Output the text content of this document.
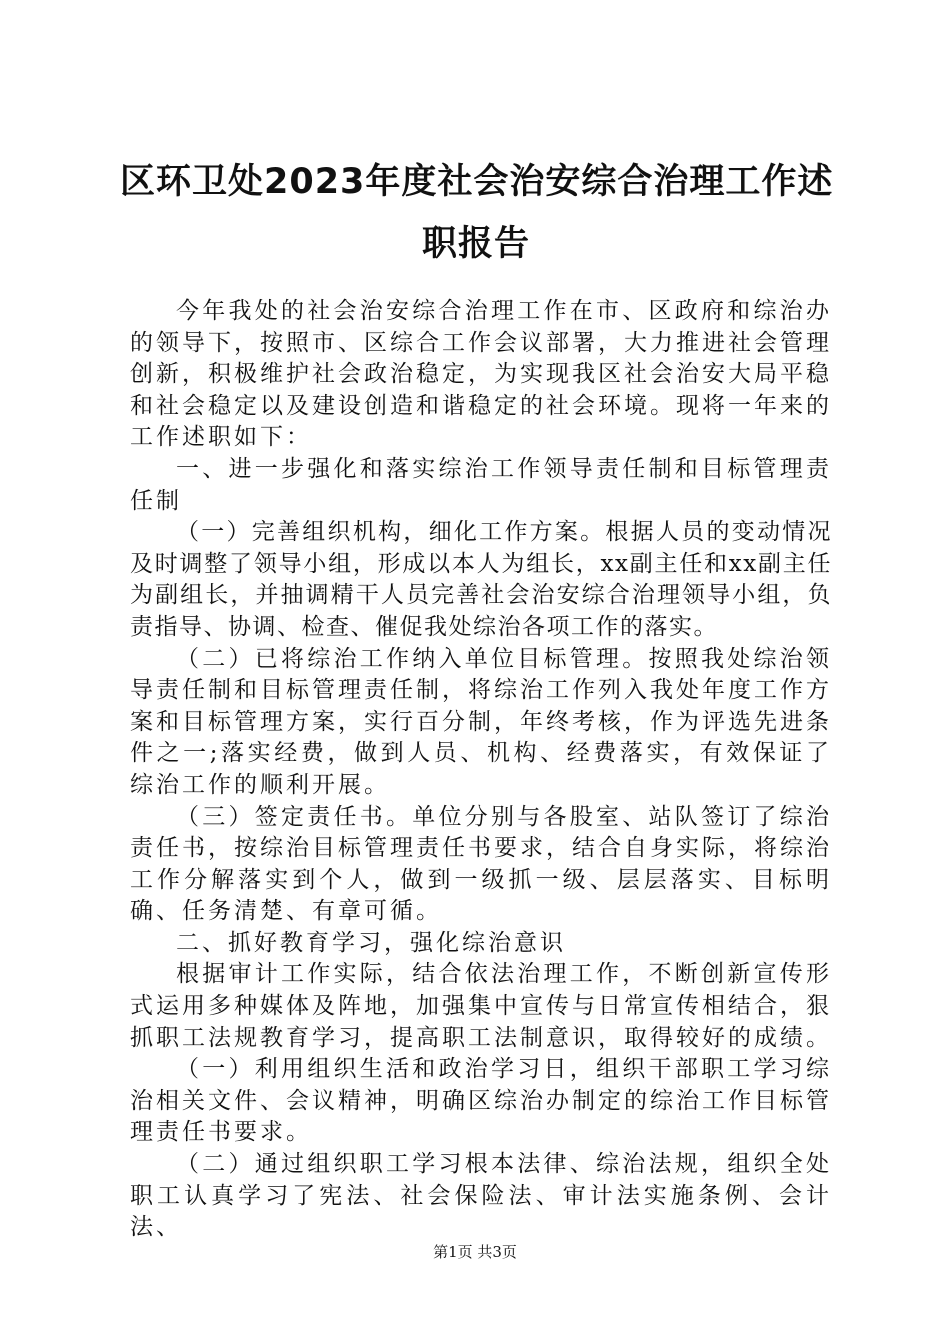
区环卫处2023年度社会治安综合治理工作述
职报告

今年我处的社会治安综合治理工作在市、区政府和综治办的领导下，按照市、区综合工作会议部署，大力推进社会管理创新，积极维护社会政治稳定，为实现我区社会治安大局平稳和社会稳定以及建设创造和谐稳定的社会环境。现将一年来的工作述职如下：

一、进一步强化和落实综治工作领导责任制和目标管理责任制

（一）完善组织机构，细化工作方案。根据人员的变动情况及时调整了领导小组，形成以本人为组长，xx副主任和xx副主任为副组长，并抽调精干人员完善社会治安综合治理领导小组，负责指导、协调、检查、催促我处综治各项工作的落实。

（二）已将综治工作纳入单位目标管理。按照我处综治领导责任制和目标管理责任制，将综治工作列入我处年度工作方案和目标管理方案，实行百分制，年终考核，作为评选先进条件之一;落实经费，做到人员、机构、经费落实，有效保证了综治工作的顺利开展。

（三）签定责任书。单位分别与各股室、站队签订了综治责任书，按综治目标管理责任书要求，结合自身实际，将综治工作分解落实到个人，做到一级抓一级、层层落实、目标明确、任务清楚、有章可循。

二、抓好教育学习，强化综治意识

根据审计工作实际，结合依法治理工作，不断创新宣传形式运用多种媒体及阵地，加强集中宣传与日常宣传相结合，狠抓职工法规教育学习，提高职工法制意识，取得较好的成绩。

（一）利用组织生活和政治学习日，组织干部职工学习综治相关文件、会议精神，明确区综治办制定的综治工作目标管理责任书要求。

（二）通过组织职工学习根本法律、综治法规，组织全处职工认真学习了宪法、社会保险法、审计法实施条例、会计法、

第1页 共3页
